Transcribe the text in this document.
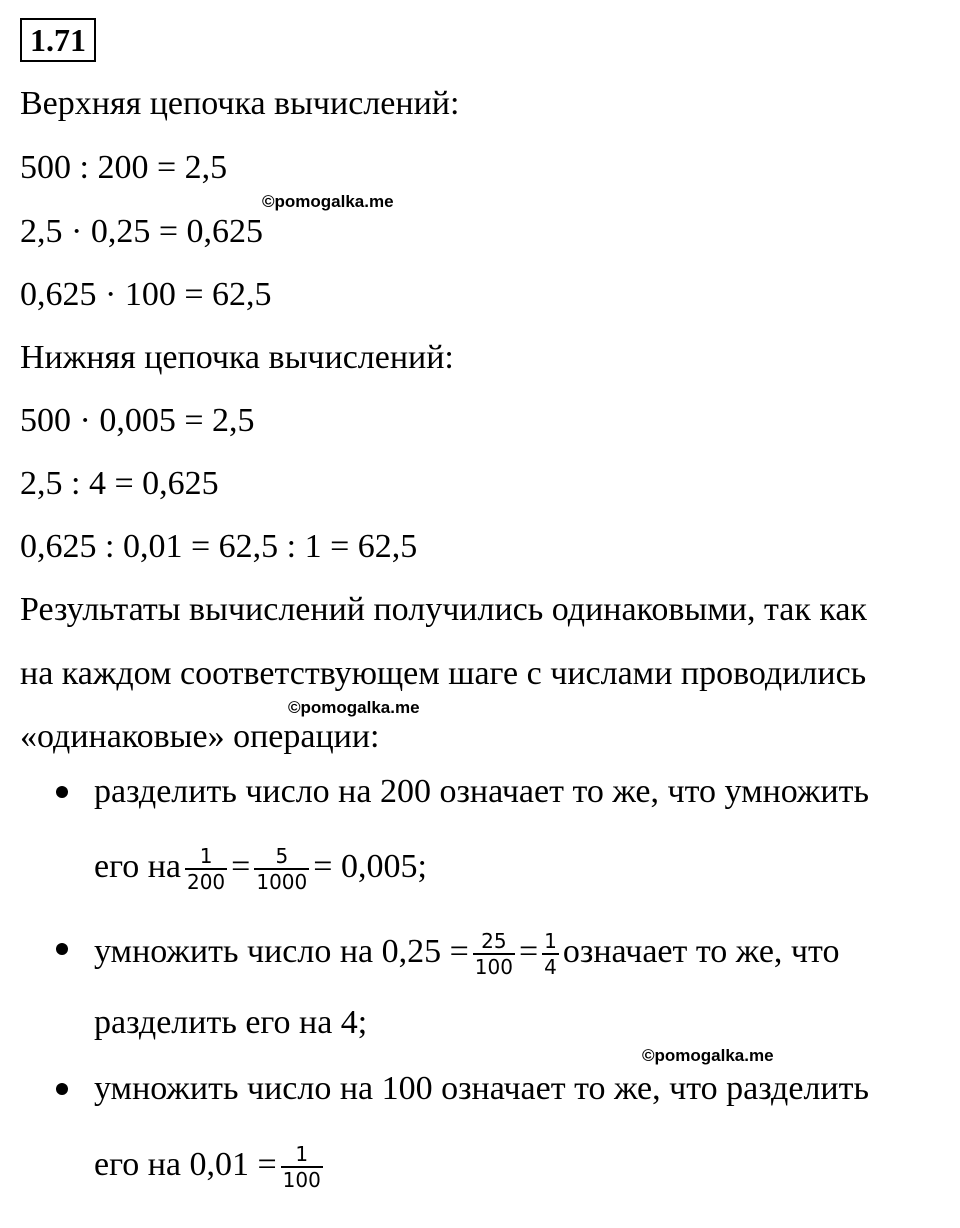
1.71
Верхняя цепочка вычислений:
500 : 200 = 2,5
©pomogalka.me
2,5 · 0,25 = 0,625
0,625 · 100 = 62,5
Нижняя цепочка вычислений:
500 · 0,005 = 2,5
2,5 : 4 = 0,625
0,625 : 0,01 = 62,5 : 1 = 62,5
Результаты вычислений получились одинаковыми, так как
на каждом соответствующем шаге с числами проводились
©pomogalka.me
«одинаковые» операции:
разделить число на 200 означает то же, что умножить
его на $\frac{1}{200} = \frac{5}{1000} = 0,005$;
умножить число на $0,25 = \frac{25}{100} = \frac{1}{4}$ означает то же, что
разделить его на 4;
©pomogalka.me
умножить число на 100 означает то же, что разделить
его на $0,01 = \frac{1}{100}$
